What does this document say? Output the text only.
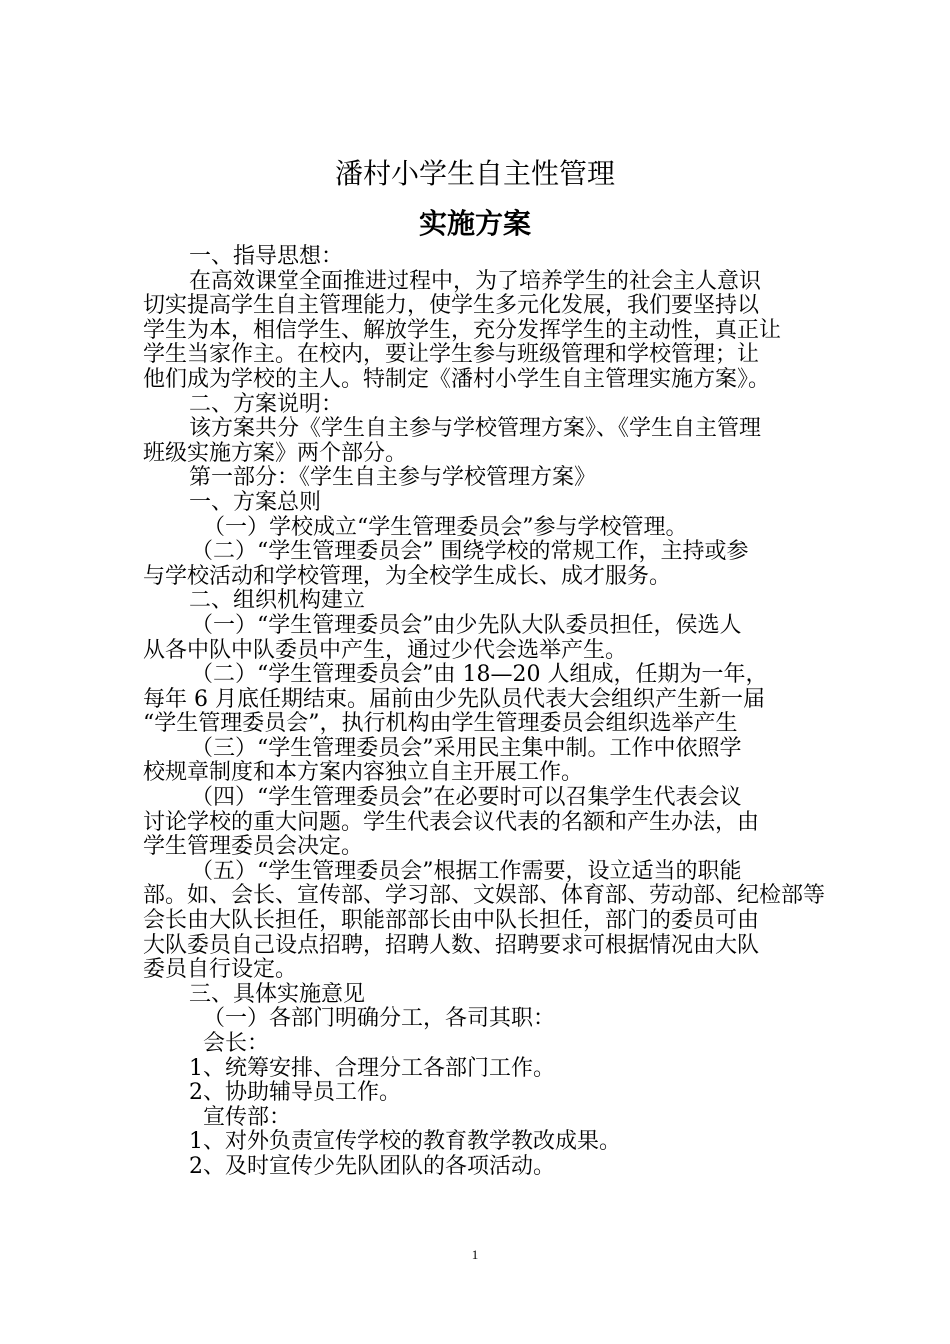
潘村小学生自主性管理
实施方案
一、指导思想：
在高效课堂全面推进过程中，为了培养学生的社会主人意识
切实提高学生自主管理能力，使学生多元化发展，我们要坚持以
学生为本，相信学生、解放学生，充分发挥学生的主动性，真正让
学生当家作主。在校内，要让学生参与班级管理和学校管理；让
他们成为学校的主人。特制定《潘村小学生自主管理实施方案》。
二、方案说明：
该方案共分《学生自主参与学校管理方案》、《学生自主管理
班级实施方案》两个部分。
第一部分：《学生自主参与学校管理方案》
一、方案总则
（一）学校成立“学生管理委员会”参与学校管理。
（二）“学生管理委员会” 围绕学校的常规工作，主持或参
与学校活动和学校管理，为全校学生成长、成才服务。
二、组织机构建立
（一）“学生管理委员会”由少先队大队委员担任，侯选人
从各中队中队委员中产生，通过少代会选举产生。
（二）“学生管理委员会”由 18—20 人组成，任期为一年，
每年 6 月底任期结束。届前由少先队员代表大会组织产生新一届
“学生管理委员会”，执行机构由学生管理委员会组织选举产生
（三）“学生管理委员会”采用民主集中制。工作中依照学
校规章制度和本方案内容独立自主开展工作。
（四）“学生管理委员会”在必要时可以召集学生代表会议
讨论学校的重大问题。学生代表会议代表的名额和产生办法，由
学生管理委员会决定。
（五）“学生管理委员会”根据工作需要，设立适当的职能
部。如、会长、宣传部、学习部、文娱部、体育部、劳动部、纪检部等
会长由大队长担任，职能部部长由中队长担任，部门的委员可由
大队委员自己设点招聘，招聘人数、招聘要求可根据情况由大队
委员自行设定。
三、具体实施意见
（一）各部门明确分工，各司其职：
会长：
1、统筹安排、合理分工各部门工作。
2、协助辅导员工作。
宣传部：
1、对外负责宣传学校的教育教学教改成果。
2、及时宣传少先队团队的各项活动。
1
